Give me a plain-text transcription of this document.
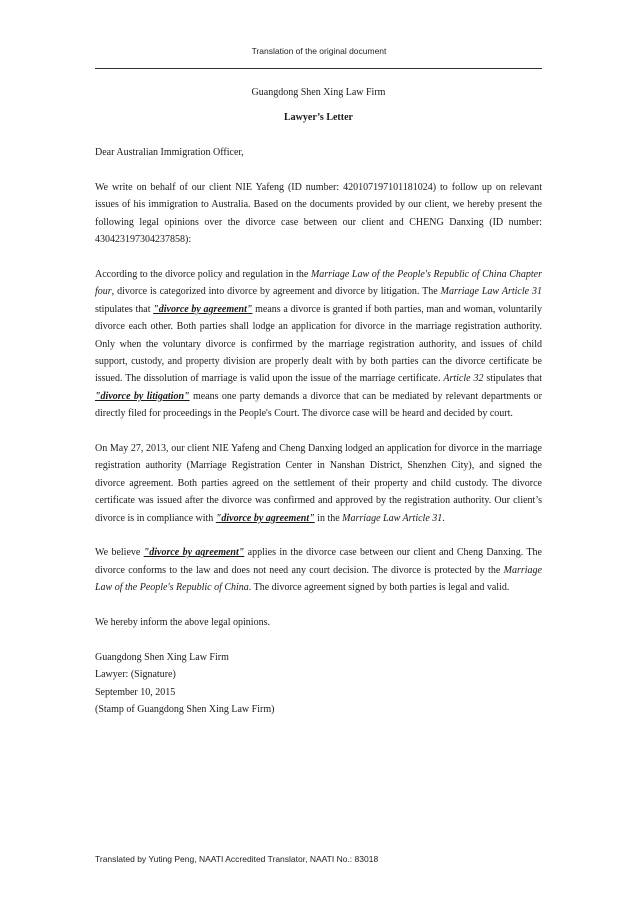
Translation of the original document

Guangdong Shen Xing Law Firm

Lawyer’s Letter

Dear Australian Immigration Officer,

We write on behalf of our client NIE Yafeng (ID number: 420107197101181024) to follow up on relevant issues of his immigration to Australia. Based on the documents provided by our client, we hereby present the following legal opinions over the divorce case between our client and CHENG Danxing (ID number: 430423197304237858):

According to the divorce policy and regulation in the Marriage Law of the People's Republic of China Chapter four, divorce is categorized into divorce by agreement and divorce by litigation. The Marriage Law Article 31 stipulates that "divorce by agreement" means a divorce is granted if both parties, man and woman, voluntarily divorce each other. Both parties shall lodge an application for divorce in the marriage registration authority. Only when the voluntary divorce is confirmed by the marriage registration authority, and issues of child support, custody, and property division are properly dealt with by both parties can the divorce certificate be issued. The dissolution of marriage is valid upon the issue of the marriage certificate. Article 32 stipulates that "divorce by litigation" means one party demands a divorce that can be mediated by relevant departments or directly filed for proceedings in the People's Court. The divorce case will be heard and decided by court.

On May 27, 2013, our client NIE Yafeng and Cheng Danxing lodged an application for divorce in the marriage registration authority (Marriage Registration Center in Nanshan District, Shenzhen City), and signed the divorce agreement. Both parties agreed on the settlement of their property and child custody. The divorce certificate was issued after the divorce was confirmed and approved by the registration authority. Our client’s divorce is in compliance with "divorce by agreement" in the Marriage Law Article 31.

We believe "divorce by agreement" applies in the divorce case between our client and Cheng Danxing. The divorce conforms to the law and does not need any court decision. The divorce is protected by the Marriage Law of the People's Republic of China. The divorce agreement signed by both parties is legal and valid.

We hereby inform the above legal opinions.

Guangdong Shen Xing Law Firm

Lawyer: (Signature)

September 10, 2015

(Stamp of Guangdong Shen Xing Law Firm)

Translated by Yuting Peng, NAATI Accredited Translator, NAATI No.: 83018
